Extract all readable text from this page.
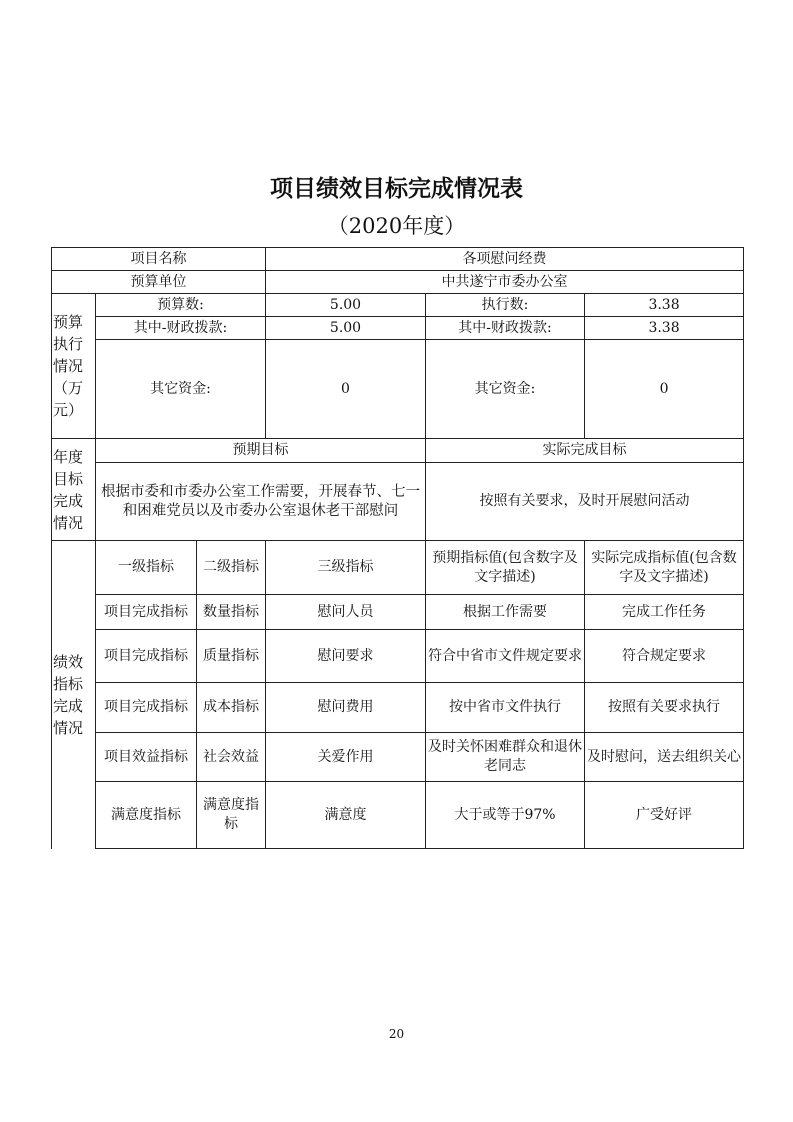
项目绩效目标完成情况表
（2020年度）
项目名称			各项慰问经费		
预算单位			中共遂宁市委办公室		
预算执行情况（万元）	预算数:		5.00	执行数:	3.38
	其中-财政拨款:		5.00	其中-财政拨款:	3.38
	其它资金:		0	其它资金:	0
年度目标完成情况	预期目标			实际完成目标	
	根据市委和市委办公室工作需要，开展春节、七一和困难党员以及市委办公室退休老干部慰问			按照有关要求，及时开展慰问活动	
绩效指标完成情况	一级指标	二级指标	三级指标	预期指标值(包含数字及文字描述)	实际完成指标值(包含数字及文字描述)
	项目完成指标	数量指标	慰问人员	根据工作需要	完成工作任务
	项目完成指标	质量指标	慰问要求	符合中省市文件规定要求	符合规定要求
	项目完成指标	成本指标	慰问费用	按中省市文件执行	按照有关要求执行
	项目效益指标	社会效益	关爱作用	及时关怀困难群众和退休老同志	及时慰问，送去组织关心
	满意度指标	满意度指标	满意度	大于或等于97%	广受好评
20
